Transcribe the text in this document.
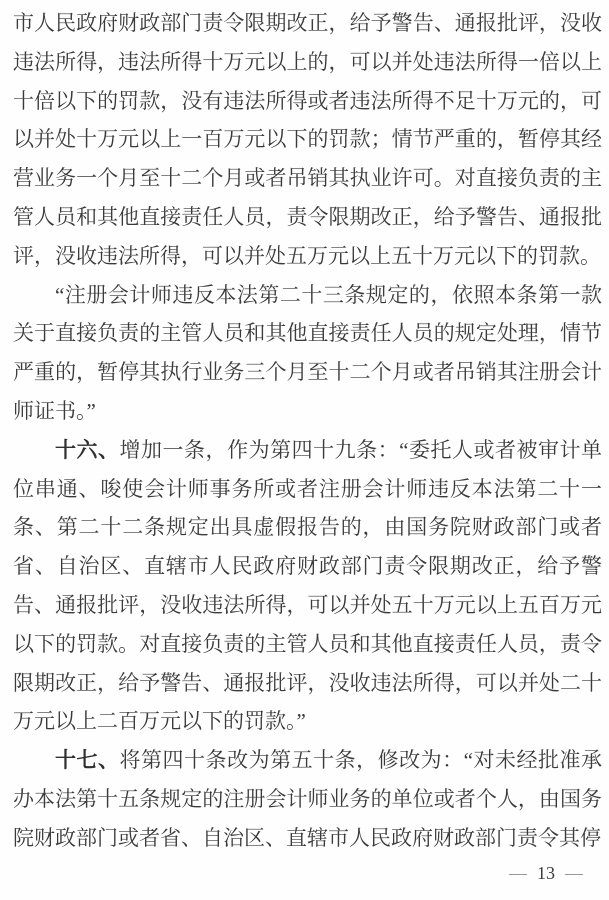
市人民政府财政部门责令限期改正，给予警告、通报批评，没收违法所得，违法所得十万元以上的，可以并处违法所得一倍以上十倍以下的罚款，没有违法所得或者违法所得不足十万元的，可以并处十万元以上一百万元以下的罚款；情节严重的，暂停其经营业务一个月至十二个月或者吊销其执业许可。对直接负责的主管人员和其他直接责任人员，责令限期改正，给予警告、通报批评，没收违法所得，可以并处五万元以上五十万元以下的罚款。

“注册会计师违反本法第二十三条规定的，依照本条第一款关于直接负责的主管人员和其他直接责任人员的规定处理，情节严重的，暂停其执行业务三个月至十二个月或者吊销其注册会计师证书。”

十六、增加一条，作为第四十九条：“委托人或者被审计单位串通、唆使会计师事务所或者注册会计师违反本法第二十一条、第二十二条规定出具虚假报告的，由国务院财政部门或者省、自治区、直辖市人民政府财政部门责令限期改正，给予警告、通报批评，没收违法所得，可以并处五十万元以上五百万元以下的罚款。对直接负责的主管人员和其他直接责任人员，责令限期改正，给予警告、通报批评，没收违法所得，可以并处二十万元以上二百万元以下的罚款。”

十七、将第四十条改为第五十条，修改为：“对未经批准承办本法第十五条规定的注册会计师业务的单位或者个人，由国务院财政部门或者省、自治区、直辖市人民政府财政部门责令其停

— 13 —
